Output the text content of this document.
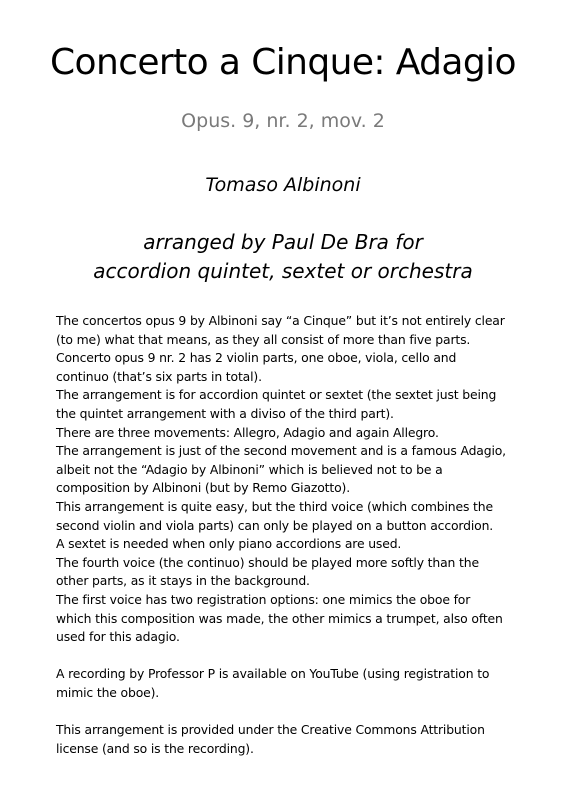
Concerto a Cinque: Adagio

Opus. 9, nr. 2, mov. 2

Tomaso Albinoni

arranged by Paul De Bra for
accordion quintet, sextet or orchestra

The concertos opus 9 by Albinoni say “a Cinque” but it’s not entirely clear
(to me) what that means, as they all consist of more than five parts.
Concerto opus 9 nr. 2 has 2 violin parts, one oboe, viola, cello and
continuo (that’s six parts in total).
The arrangement is for accordion quintet or sextet (the sextet just being
the quintet arrangement with a diviso of the third part).
There are three movements: Allegro, Adagio and again Allegro.
The arrangement is just of the second movement and is a famous Adagio,
albeit not the “Adagio by Albinoni” which is believed not to be a
composition by Albinoni (but by Remo Giazotto).
This arrangement is quite easy, but the third voice (which combines the
second violin and viola parts) can only be played on a button accordion.
A sextet is needed when only piano accordions are used.
The fourth voice (the continuo) should be played more softly than the
other parts, as it stays in the background.
The first voice has two registration options: one mimics the oboe for
which this composition was made, the other mimics a trumpet, also often
used for this adagio.
A recording by Professor P is available on YouTube (using registration to
mimic the oboe).
This arrangement is provided under the Creative Commons Attribution
license (and so is the recording).
